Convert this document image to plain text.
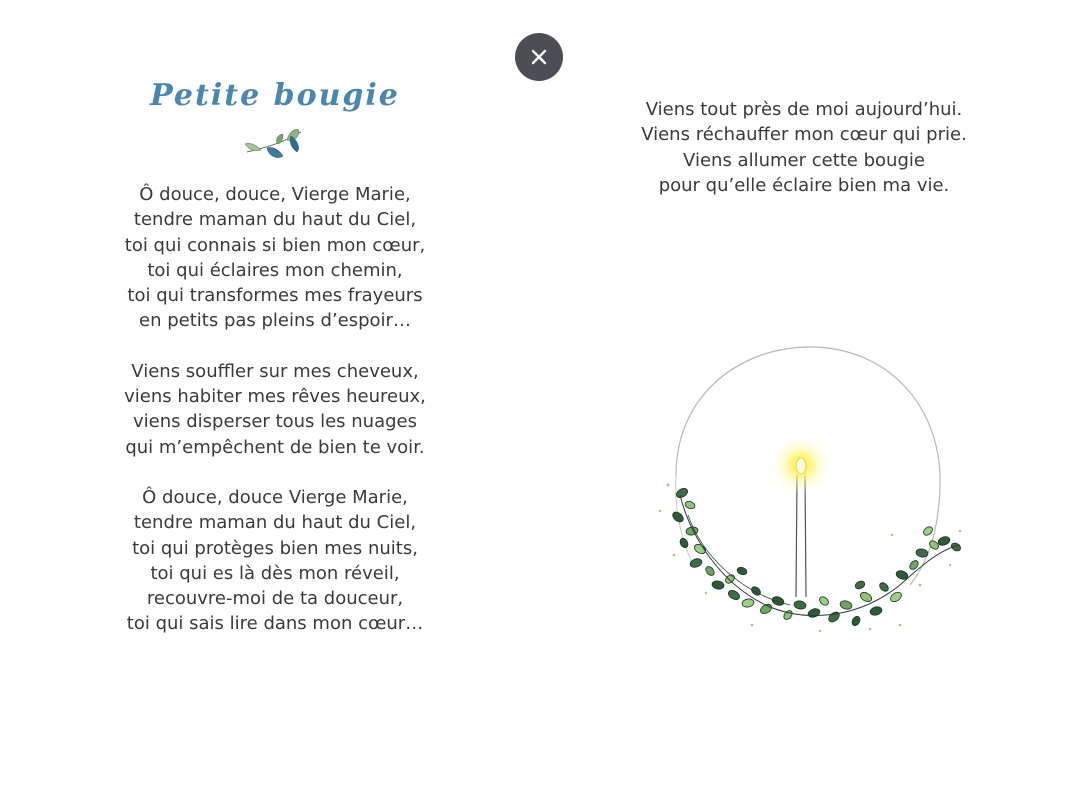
Petite bougie

Ô douce, douce, Vierge Marie,
tendre maman du haut du Ciel,
toi qui connais si bien mon cœur,
toi qui éclaires mon chemin,
toi qui transformes mes frayeurs
en petits pas pleins d’espoir…

Viens souffler sur mes cheveux,
viens habiter mes rêves heureux,
viens disperser tous les nuages
qui m’empêchent de bien te voir.

Ô douce, douce Vierge Marie,
tendre maman du haut du Ciel,
toi qui protèges bien mes nuits,
toi qui es là dès mon réveil,
recouvre-moi de ta douceur,
toi qui sais lire dans mon cœur…

Viens tout près de moi aujourd’hui.
Viens réchauffer mon cœur qui prie.
Viens allumer cette bougie
pour qu’elle éclaire bien ma vie.
